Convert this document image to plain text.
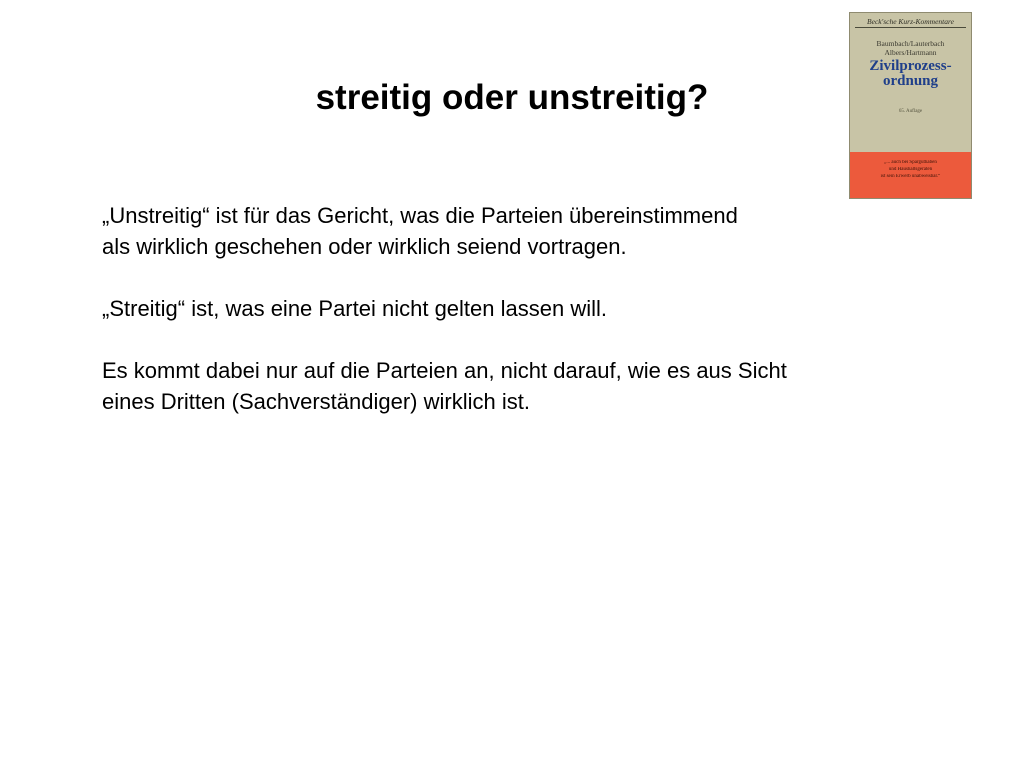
streitig oder unstreitig?

„Unstreitig“ ist für das Gericht, was die Parteien übereinstimmend
als wirklich geschehen oder wirklich seiend vortragen.

„Streitig“ ist, was eine Partei nicht gelten lassen will.

Es kommt dabei nur auf die Parteien an, nicht darauf, wie es aus Sicht
eines Dritten (Sachverständiger) wirklich ist.

Beck'sche Kurz-Kommentare
Baumbach/Lauterbach
Albers/Hartmann
Zivilprozess-
ordnung
65. Auflage
„... auch bei Sparguthaben
und Haushaltsgeräten
ist sein Erwerb unabweisbar.“
